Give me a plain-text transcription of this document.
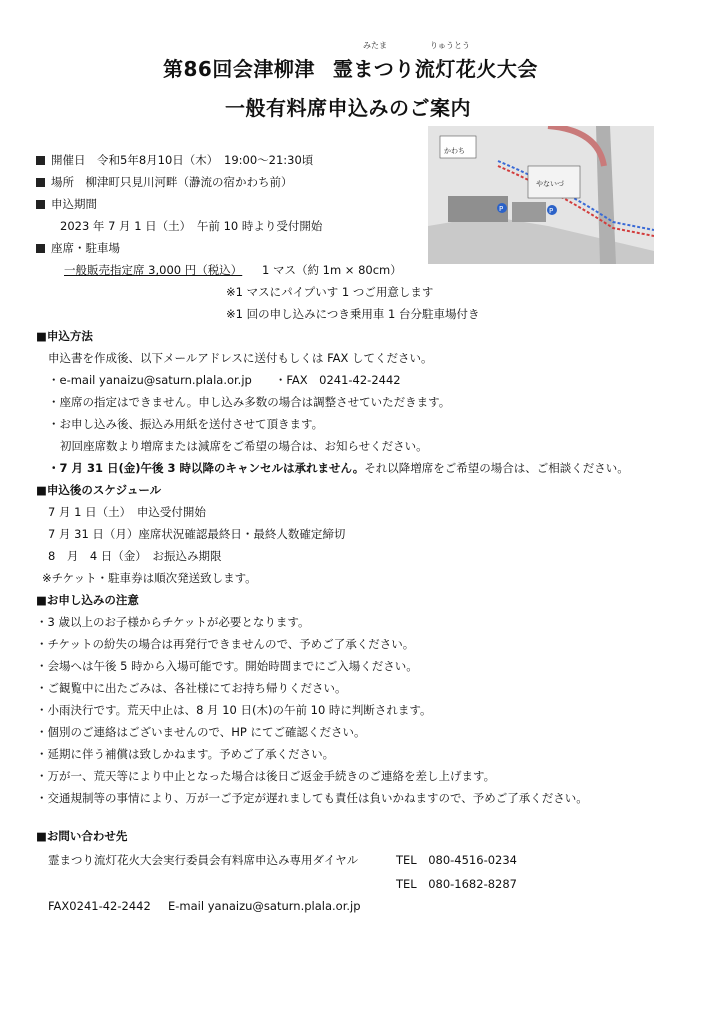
みたま	りゅうとう
第86回会津柳津 霊まつり流灯花火大会
一般有料席申込みのご案内
開催日　令和5年8月10日（木）　19:00～21:30頃
場所　柳津町只見川河畔（瀞流の宿かわち前）
申込期間
2023 年 7 月 1 日（土）　午前 10 時より受付開始
座席・駐車場
一般販売指定席 3,000 円（税込） 1 マス（約 1m × 80cm）
※1 マスにパイプいす 1 つご用意します
※1 回の申し込みにつき乗用車 1 台分駐車場付き
かわち
やないづ
P	P
■申込方法
申込書を作成後、以下メールアドレスに送付もしくは FAX してください。
・e-mail yanaizu@saturn.plala.or.jp　　・FAX　0241-42-2442
・座席の指定はできません。申し込み多数の場合は調整させていただきます。
・お申し込み後、振込み用紙を送付させて頂きます。
初回座席数より増席または減席をご希望の場合は、お知らせください。
・7 月 31 日(金)午後 3 時以降のキャンセルは承れません。それ以降増席をご希望の場合は、ご相談ください。
■申込後のスケジュール
7 月 1 日（土）　申込受付開始
7 月 31 日（月）座席状況確認最終日・最終人数確定締切
8　月　4 日（金）　お振込み期限
※チケット・駐車券は順次発送致します。
■お申し込みの注意
・3 歳以上のお子様からチケットが必要となります。
・チケットの紛失の場合は再発行できませんので、予めご了承ください。
・会場へは午後 5 時から入場可能です。開始時間までにご入場ください。
・ご観覧中に出たごみは、各社様にてお持ち帰りください。
・小雨決行です。荒天中止は、8 月 10 日(木)の午前 10 時に判断されます。
・個別のご連絡はございませんので、HP にてご確認ください。
・延期に伴う補償は致しかねます。予めご了承ください。
・万が一、荒天等により中止となった場合は後日ご返金手続きのご連絡を差し上げます。
・交通規制等の事情により、万が一ご予定が遅れましても責任は負いかねますので、予めご了承ください。
■お問い合わせ先
霊まつり流灯花火大会実行委員会有料席申込み専用ダイヤル	TEL　080-4516-0234
TEL　080-1682-8287
FAX0241-42-2442 E-mail yanaizu@saturn.plala.or.jp
